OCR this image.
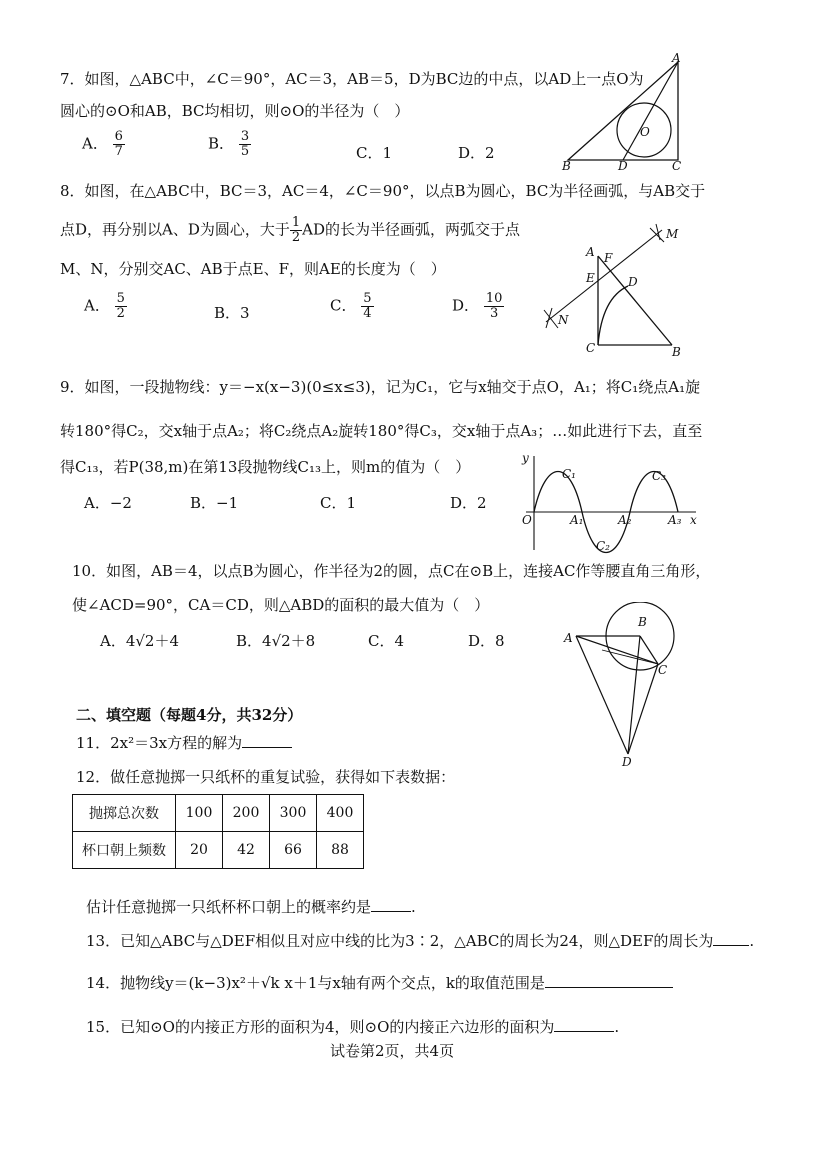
7．如图，△ABC中，∠C＝90°，AC＝3，AB＝5，D为BC边的中点，以AD上一点O为
圆心的⊙O和AB，BC均相切，则⊙O的半径为（　）
A． $\frac{6}{7}$	B． $\frac{3}{5}$	C．1	D．2
A
O
B	D	C
8．如图，在△ABC中，BC＝3，AC＝4，∠C＝90°，以点B为圆心，BC为半径画弧，与AB交于
点D，再分别以A、D为圆心，大于 $\frac{1}{2}$ AD的长为半径画弧，两弧交于点
M、N，分别交AC、AB于点E、F，则AE的长度为（　）
A． $\frac{5}{2}$	B．3	C． $\frac{5}{4}$	D． $\frac{10}{3}$
A F
E	D
M
N
C	B
9．如图，一段抛物线：y＝−x(x−3)(0≤x≤3)，记为C₁，它与x轴交于点O，A₁；将C₁绕点A₁旋
转180°得C₂，交x轴于点A₂；将C₂绕点A₂旋转180°得C₃，交x轴于点A₃；…如此进行下去，直至
得C₁₃，若P(38,m)在第13段抛物线C₁₃上，则m的值为（　）
A．−2	B．−1	C．1	D．2
y
x
O	A₁	A₂	A₃
C₁
C₂
C₃
10．如图，AB＝4，以点B为圆心，作半径为2的圆，点C在⊙B上，连接AC作等腰直角三角形，
使∠ACD=90°，CA＝CD，则△ABD的面积的最大值为（　）
A．4√2＋4	B．4√2＋8	C．4	D．8	A
B
C
D
二、填空题（每题4分，共32分）
11．2x²＝3x方程的解为
12．做任意抛掷一只纸杯的重复试验，获得如下表数据：
抛掷总次数	100	200	300	400
杯口朝上频数	20	42	66	88
估计任意抛掷一只纸杯杯口朝上的概率约是	.
13．已知△ABC与△DEF相似且对应中线的比为3∶2，△ABC的周长为24，则△DEF的周长为 .
14．抛物线y＝(k−3)x²＋√k x＋1与x轴有两个交点，k的取值范围是
15．已知⊙O的内接正方形的面积为4，则⊙O的内接正六边形的面积为	.
试卷第2页，共4页
